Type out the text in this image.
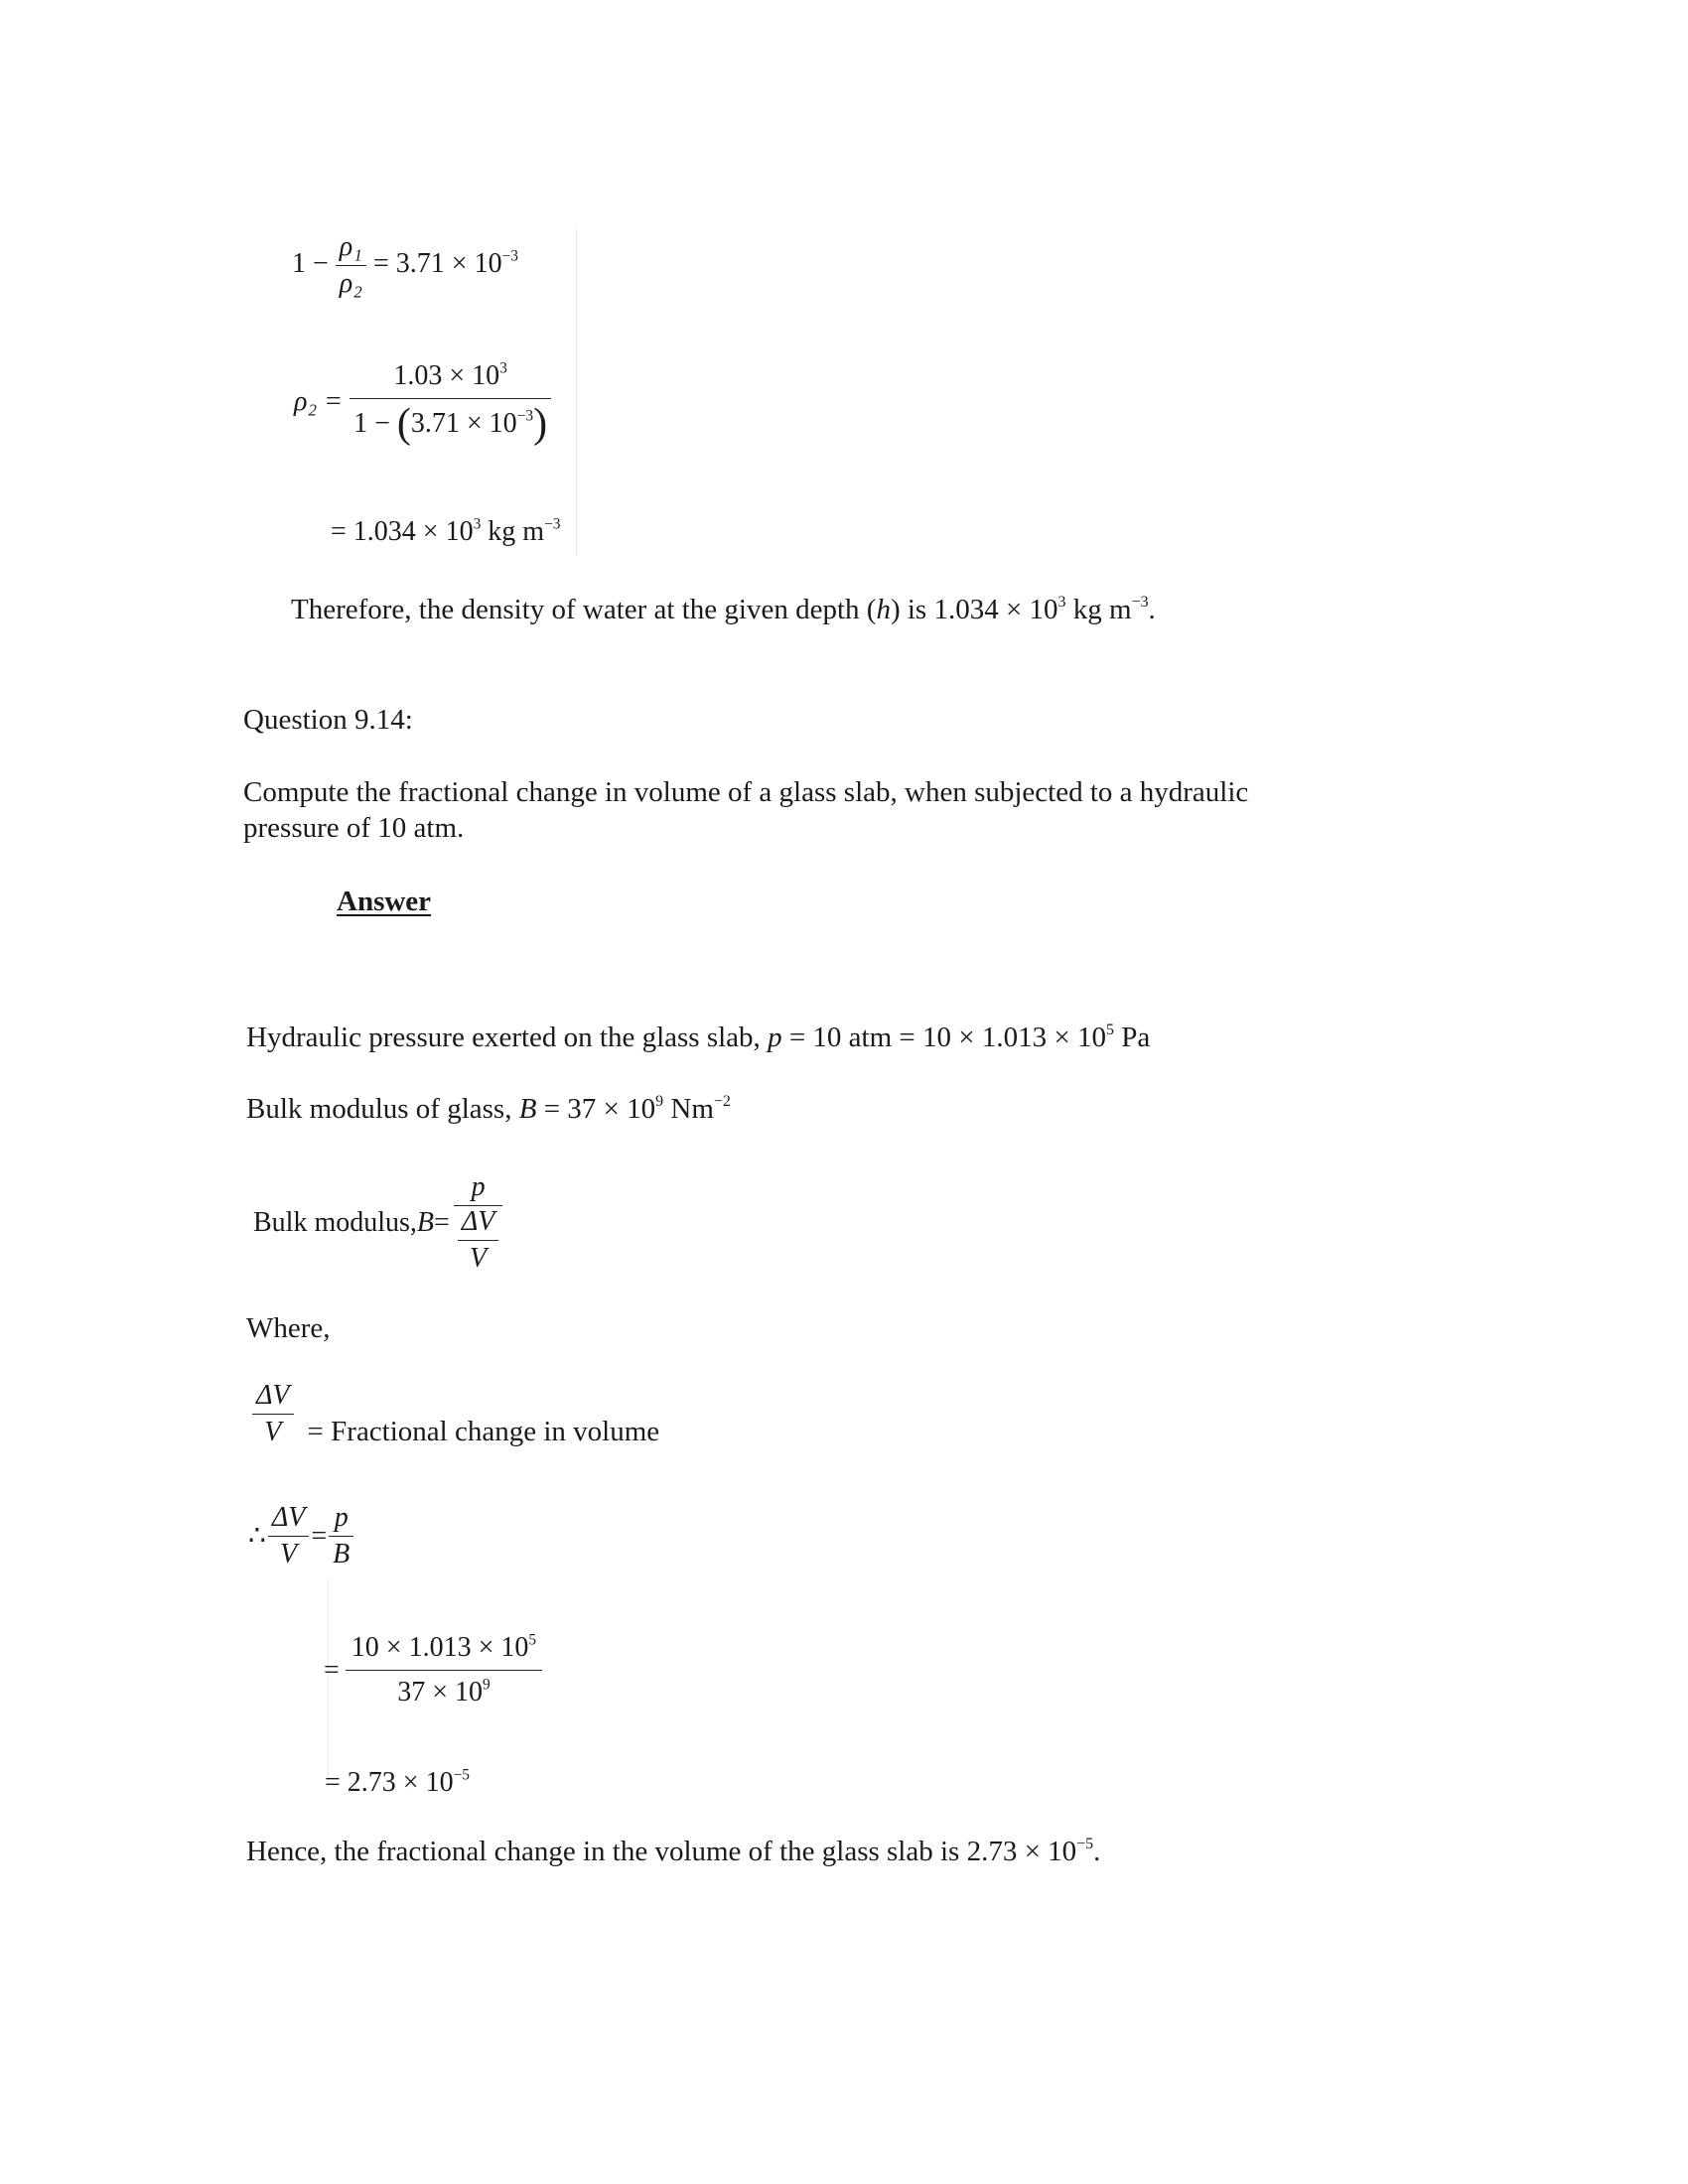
$1 - \frac{\text{ρ₁}}{\text{ρ₂}} = 3.71 \times 10^{-3}$
$\rho_2 = \frac{1.03 \times 10^3}{1 - (3.71 \times 10^{-3})}$
= $1.034 \times 10^3$ kg $m^{-3}$
Therefore, the density of water at the given depth (h) is $1.034 \times 10^3$ kg $m^{-3}$.
Question 9.14:
Compute the fractional change in volume of a glass slab, when subjected to a hydraulic
pressure of 10 atm.
Answer
Hydraulic pressure exerted on the glass slab, p = 10 atm = $10 \times 1.013 \times 10^5$ Pa
Bulk modulus of glass, $B = 37 \times 10^9$ $Nm^{-2}$
Bulk modulus, $B = \frac{p}{\frac{\Delta V}{V}}$
Where,
$\frac{\Delta V}{V}$ = Fractional change in volume
∴ $\frac{\Delta V}{V} = \frac{p}{B}$
= $\frac{10 \times 1.013 \times 10^5}{37 \times 10^9}$
= $2.73 \times 10^{-5}$
Hence, the fractional change in the volume of the glass slab is $2.73 \times 10^{-5}$.
